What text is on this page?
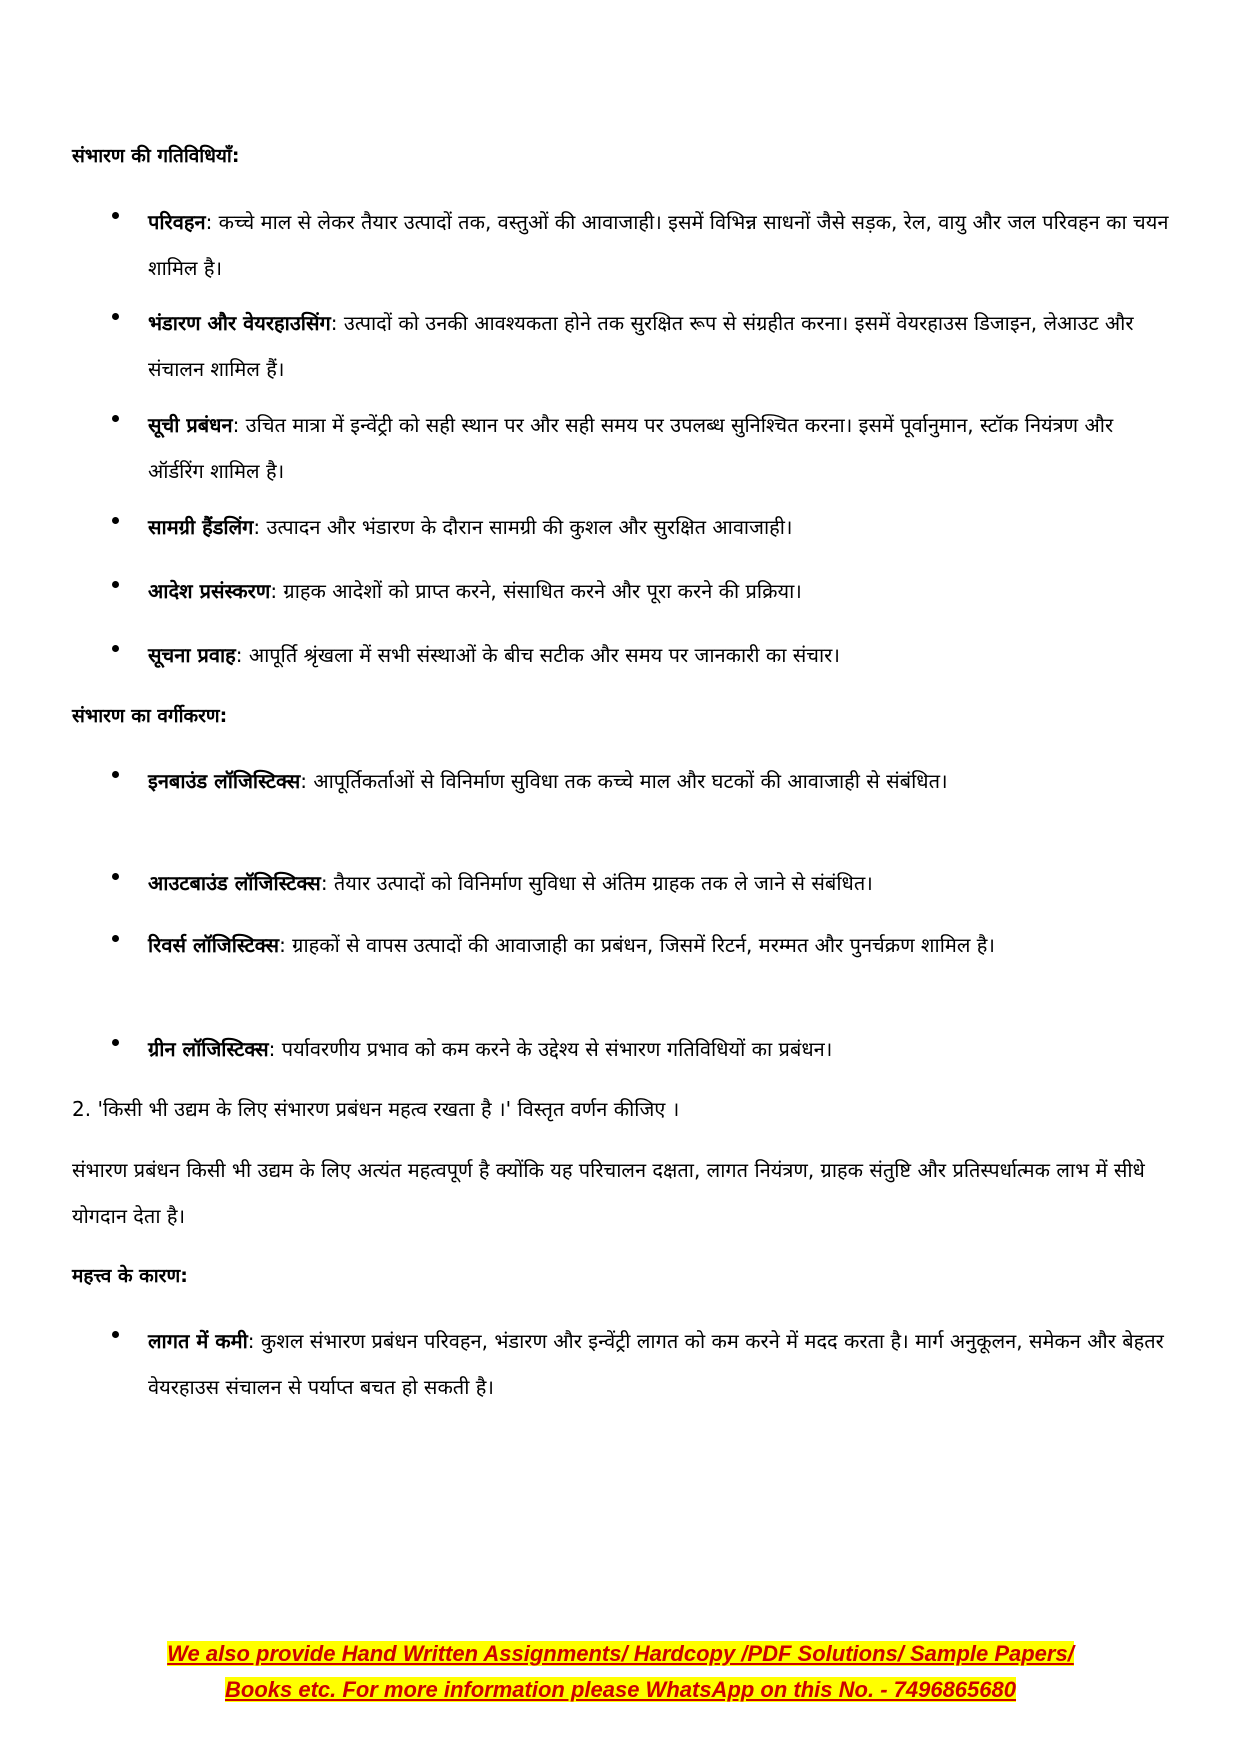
संभारण की गतिविधियाँ:

परिवहन: कच्चे माल से लेकर तैयार उत्पादों तक, वस्तुओं की आवाजाही। इसमें विभिन्न साधनों जैसे सड़क, रेल, वायु और जल परिवहन का चयन शामिल है।
भंडारण और वेयरहाउसिंग: उत्पादों को उनकी आवश्यकता होने तक सुरक्षित रूप से संग्रहीत करना। इसमें वेयरहाउस डिजाइन, लेआउट और संचालन शामिल हैं।
सूची प्रबंधन: उचित मात्रा में इन्वेंट्री को सही स्थान पर और सही समय पर उपलब्ध सुनिश्चित करना। इसमें पूर्वानुमान, स्टॉक नियंत्रण और ऑर्डरिंग शामिल है।
सामग्री हैंडलिंग: उत्पादन और भंडारण के दौरान सामग्री की कुशल और सुरक्षित आवाजाही।
आदेश प्रसंस्करण: ग्राहक आदेशों को प्राप्त करने, संसाधित करने और पूरा करने की प्रक्रिया।
सूचना प्रवाह: आपूर्ति श्रृंखला में सभी संस्थाओं के बीच सटीक और समय पर जानकारी का संचार।

संभारण का वर्गीकरण:

इनबाउंड लॉजिस्टिक्स: आपूर्तिकर्ताओं से विनिर्माण सुविधा तक कच्चे माल और घटकों की आवाजाही से संबंधित।
आउटबाउंड लॉजिस्टिक्स: तैयार उत्पादों को विनिर्माण सुविधा से अंतिम ग्राहक तक ले जाने से संबंधित।
रिवर्स लॉजिस्टिक्स: ग्राहकों से वापस उत्पादों की आवाजाही का प्रबंधन, जिसमें रिटर्न, मरम्मत और पुनर्चक्रण शामिल है।
ग्रीन लॉजिस्टिक्स: पर्यावरणीय प्रभाव को कम करने के उद्देश्य से संभारण गतिविधियों का प्रबंधन।

2. 'किसी भी उद्यम के लिए संभारण प्रबंधन महत्व रखता है ।' विस्तृत वर्णन कीजिए ।

संभारण प्रबंधन किसी भी उद्यम के लिए अत्यंत महत्वपूर्ण है क्योंकि यह परिचालन दक्षता, लागत नियंत्रण, ग्राहक संतुष्टि और प्रतिस्पर्धात्मक लाभ में सीधे योगदान देता है।

महत्त्व के कारण:

लागत में कमी: कुशल संभारण प्रबंधन परिवहन, भंडारण और इन्वेंट्री लागत को कम करने में मदद करता है। मार्ग अनुकूलन, समेकन और बेहतर वेयरहाउस संचालन से पर्याप्त बचत हो सकती है।
We also provide Hand Written Assignments/ Hardcopy /PDF Solutions/ Sample Papers/
Books etc. For more information please WhatsApp on this No. - 7496865680
